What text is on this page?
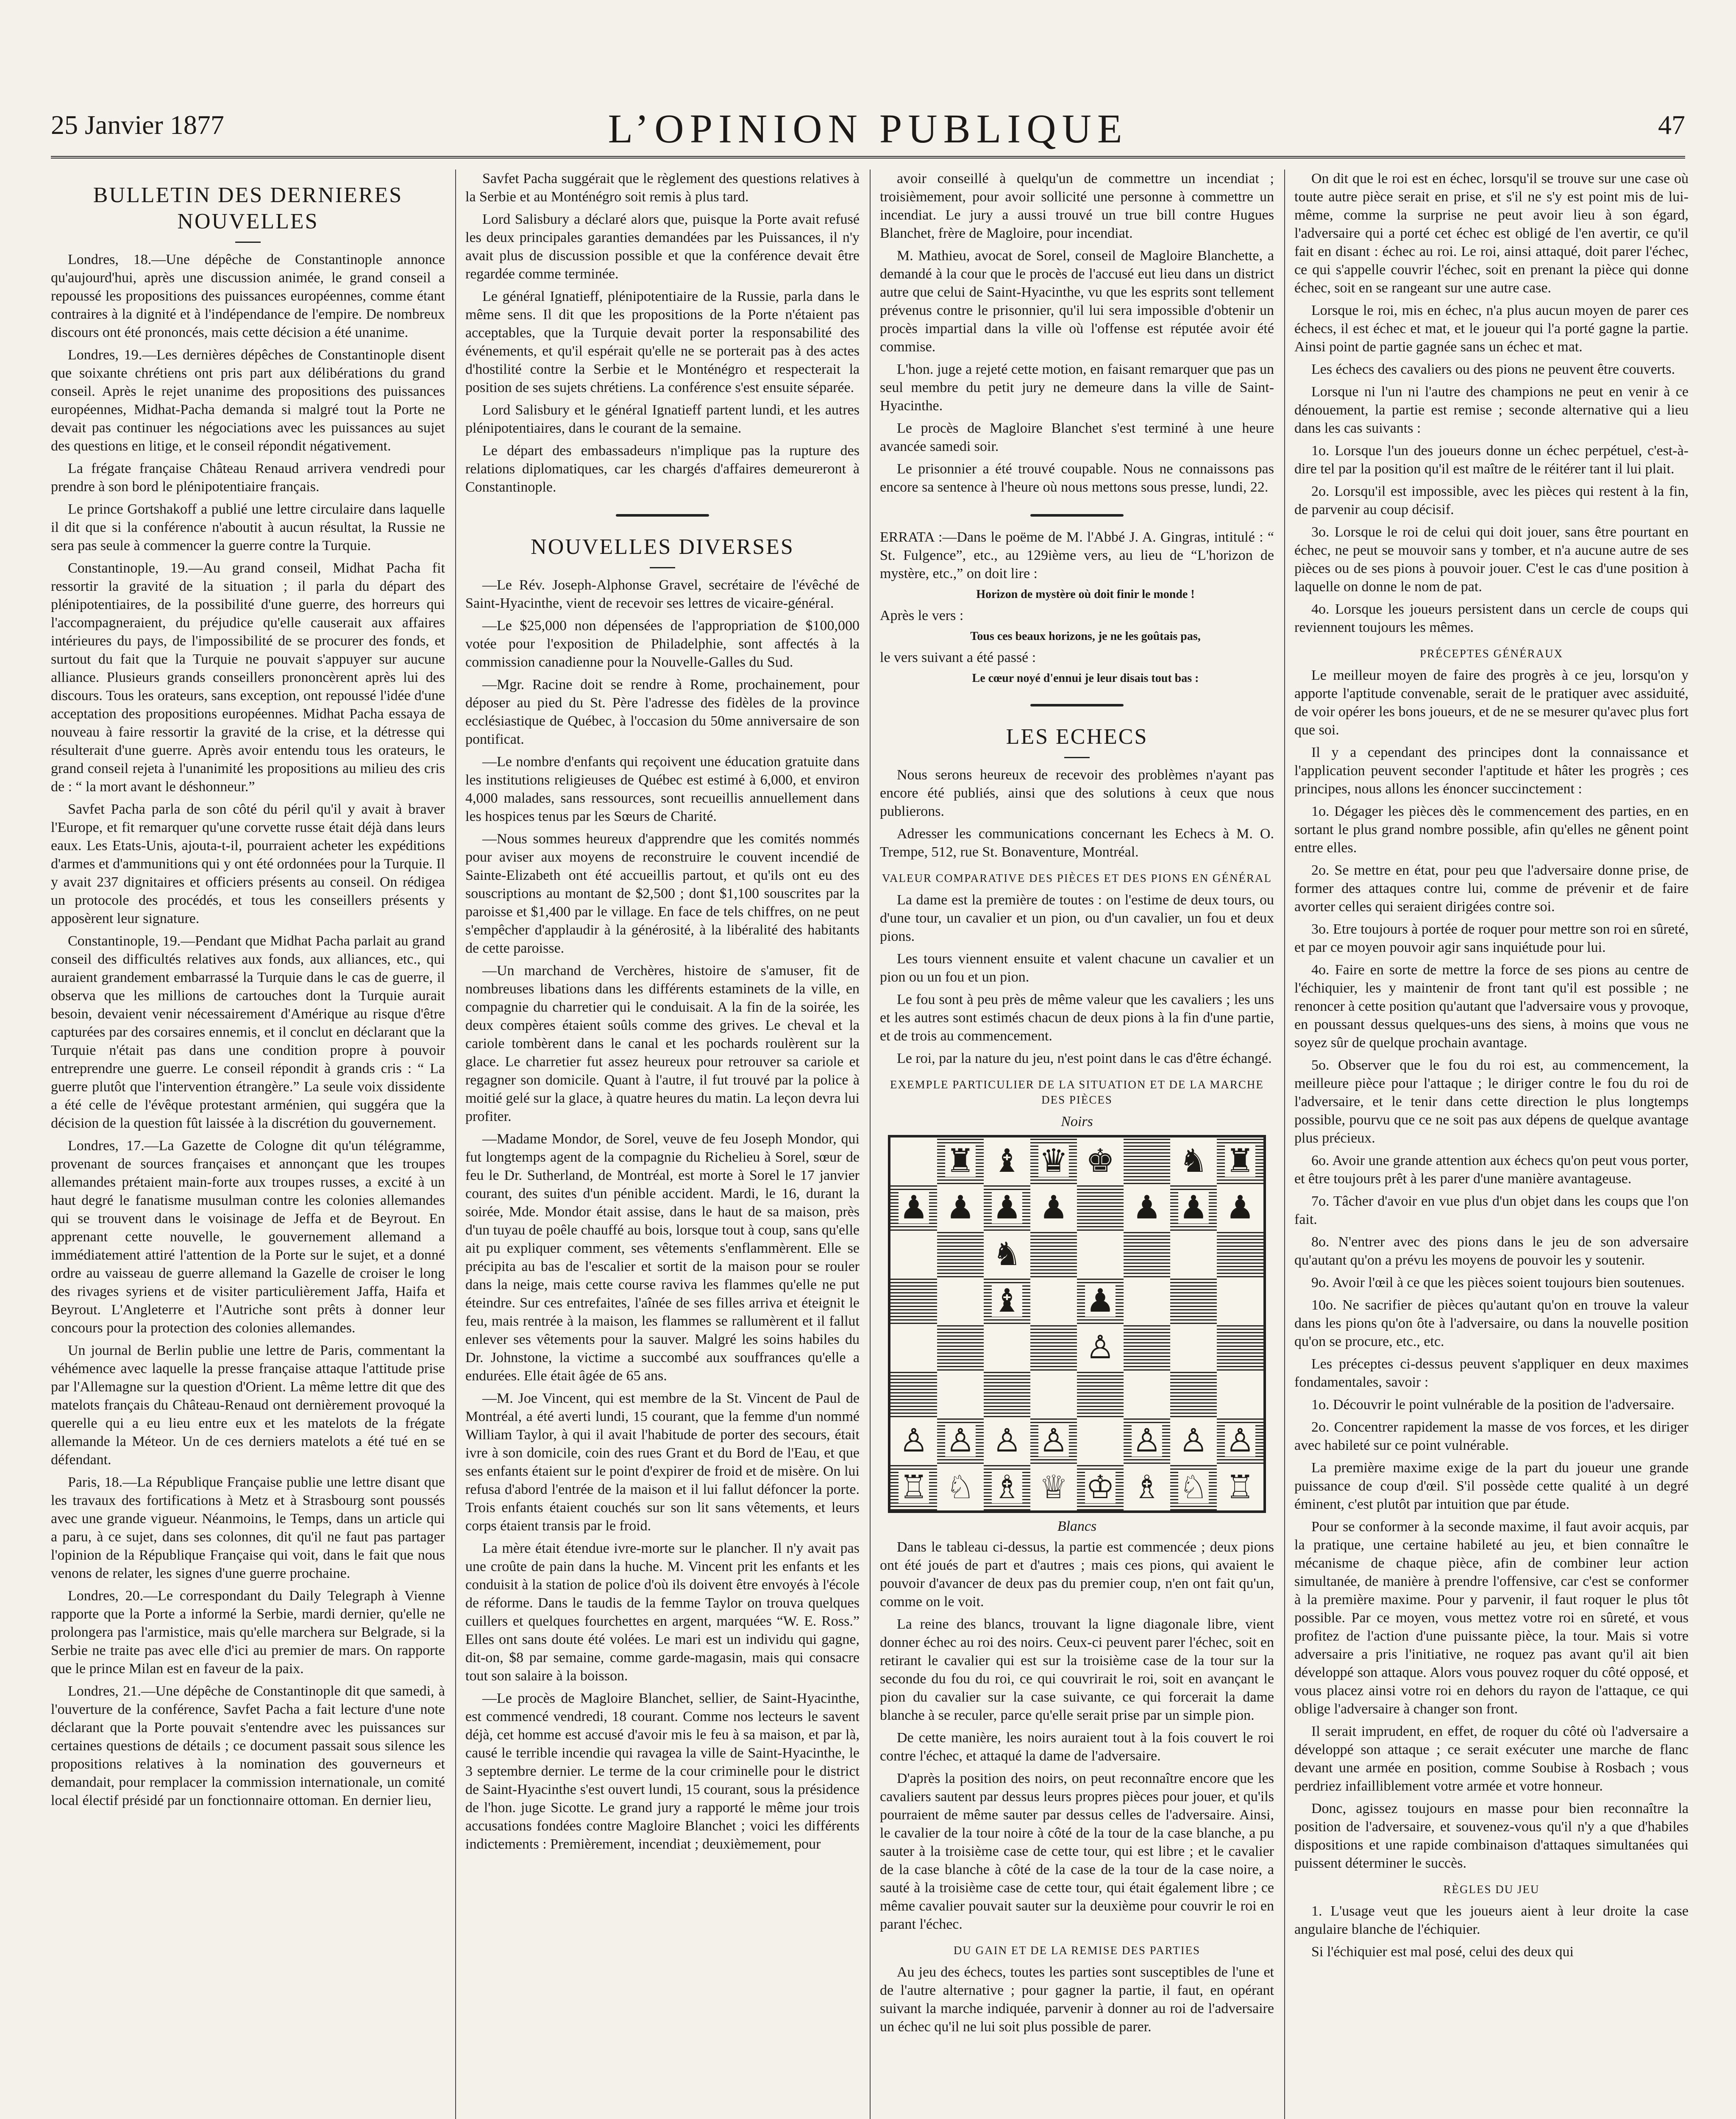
25 Janvier 1877	L’OPINION PUBLIQUE	47
BULLETIN DES DERNIERES NOUVELLES

Londres, 18.—Une dépêche de Constantinople annonce qu'aujourd'hui, après une discussion animée, le grand conseil a repoussé les propositions des puissances européennes, comme étant contraires à la dignité et à l'indépendance de l'empire. De nombreux discours ont été prononcés, mais cette décision a été unanime.

Londres, 19.—Les dernières dépêches de Constantinople disent que soixante chrétiens ont pris part aux délibérations du grand conseil. Après le rejet unanime des propositions des puissances européennes, Midhat-Pacha demanda si malgré tout la Porte ne devait pas continuer les négociations avec les puissances au sujet des questions en litige, et le conseil répondit négativement.

La frégate française Château Renaud arrivera vendredi pour prendre à son bord le plénipotentiaire français.

Le prince Gortshakoff a publié une lettre circulaire dans laquelle il dit que si la conférence n'aboutit à aucun résultat, la Russie ne sera pas seule à commencer la guerre contre la Turquie.

Constantinople, 19.—Au grand conseil, Midhat Pacha fit ressortir la gravité de la situation ; il parla du départ des plénipotentiaires, de la possibilité d'une guerre, des horreurs qui l'accompagneraient, du préjudice qu'elle causerait aux affaires intérieures du pays, de l'impossibilité de se procurer des fonds, et surtout du fait que la Turquie ne pouvait s'appuyer sur aucune alliance. Plusieurs grands conseillers prononcèrent après lui des discours. Tous les orateurs, sans exception, ont repoussé l'idée d'une acceptation des propositions européennes. Midhat Pacha essaya de nouveau à faire ressortir la gravité de la crise, et la détresse qui résulterait d'une guerre. Après avoir entendu tous les orateurs, le grand conseil rejeta à l'unanimité les propositions au milieu des cris de : “ la mort avant le déshonneur.”

Savfet Pacha parla de son côté du péril qu'il y avait à braver l'Europe, et fit remarquer qu'une corvette russe était déjà dans leurs eaux. Les Etats-Unis, ajouta-t-il, pourraient acheter les expéditions d'armes et d'ammunitions qui y ont été ordonnées pour la Turquie. Il y avait 237 dignitaires et officiers présents au conseil. On rédigea un protocole des procédés, et tous les conseillers présents y apposèrent leur signature.

Constantinople, 19.—Pendant que Midhat Pacha parlait au grand conseil des difficultés relatives aux fonds, aux alliances, etc., qui auraient grandement embarrassé la Turquie dans le cas de guerre, il observa que les millions de cartouches dont la Turquie aurait besoin, devaient venir nécessairement d'Amérique au risque d'être capturées par des corsaires ennemis, et il conclut en déclarant que la Turquie n'était pas dans une condition propre à pouvoir entreprendre une guerre. Le conseil répondit à grands cris : “ La guerre plutôt que l'intervention étrangère.” La seule voix dissidente a été celle de l'évêque protestant arménien, qui suggéra que la décision de la question fût laissée à la discrétion du gouvernement.

Londres, 17.—La Gazette de Cologne dit qu'un télégramme, provenant de sources françaises et annonçant que les troupes allemandes prétaient main-forte aux troupes russes, a excité à un haut degré le fanatisme musulman contre les colonies allemandes qui se trouvent dans le voisinage de Jeffa et de Beyrout. En apprenant cette nouvelle, le gouvernement allemand a immédiatement attiré l'attention de la Porte sur le sujet, et a donné ordre au vaisseau de guerre allemand la Gazelle de croiser le long des rivages syriens et de visiter particulièrement Jaffa, Haifa et Beyrout. L'Angleterre et l'Autriche sont prêts à donner leur concours pour la protection des colonies allemandes.

Un journal de Berlin publie une lettre de Paris, commentant la véhémence avec laquelle la presse française attaque l'attitude prise par l'Allemagne sur la question d'Orient. La même lettre dit que des matelots français du Château-Renaud ont dernièrement provoqué la querelle qui a eu lieu entre eux et les matelots de la frégate allemande la Méteor. Un de ces derniers matelots a été tué en se défendant.

Paris, 18.—La République Française publie une lettre disant que les travaux des fortifications à Metz et à Strasbourg sont poussés avec une grande vigueur. Néanmoins, le Temps, dans un article qui a paru, à ce sujet, dans ses colonnes, dit qu'il ne faut pas partager l'opinion de la République Française qui voit, dans le fait que nous venons de relater, les signes d'une guerre prochaine.

Londres, 20.—Le correspondant du Daily Telegraph à Vienne rapporte que la Porte a informé la Serbie, mardi dernier, qu'elle ne prolongera pas l'armistice, mais qu'elle marchera sur Belgrade, si la Serbie ne traite pas avec elle d'ici au premier de mars. On rapporte que le prince Milan est en faveur de la paix.

Londres, 21.—Une dépêche de Constantinople dit que samedi, à l'ouverture de la conférence, Savfet Pacha a fait lecture d'une note déclarant que la Porte pouvait s'entendre avec les puissances sur certaines questions de détails ; ce document passait sous silence les propositions relatives à la nomination des gouverneurs et demandait, pour remplacer la commission internationale, un comité local électif présidé par un fonctionnaire ottoman. En dernier lieu,

Savfet Pacha suggérait que le règlement des questions relatives à la Serbie et au Monténégro soit remis à plus tard.

Lord Salisbury a déclaré alors que, puisque la Porte avait refusé les deux principales garanties demandées par les Puissances, il n'y avait plus de discussion possible et que la conférence devait être regardée comme terminée.

Le général Ignatieff, plénipotentiaire de la Russie, parla dans le même sens. Il dit que les propositions de la Porte n'étaient pas acceptables, que la Turquie devait porter la responsabilité des événements, et qu'il espérait qu'elle ne se porterait pas à des actes d'hostilité contre la Serbie et le Monténégro et respecterait la position de ses sujets chrétiens. La conférence s'est ensuite séparée.

Lord Salisbury et le général Ignatieff partent lundi, et les autres plénipotentiaires, dans le courant de la semaine.

Le départ des embassadeurs n'implique pas la rupture des relations diplomatiques, car les chargés d'affaires demeureront à Constantinople.

NOUVELLES DIVERSES

—Le Rév. Joseph-Alphonse Gravel, secrétaire de l'évêché de Saint-Hyacinthe, vient de recevoir ses lettres de vicaire-général.

—Le $25,000 non dépensées de l'appropriation de $100,000 votée pour l'exposition de Philadelphie, sont affectés à la commission canadienne pour la Nouvelle-Galles du Sud.

—Mgr. Racine doit se rendre à Rome, prochainement, pour déposer au pied du St. Père l'adresse des fidèles de la province ecclésiastique de Québec, à l'occasion du 50me anniversaire de son pontificat.

—Le nombre d'enfants qui reçoivent une éducation gratuite dans les institutions religieuses de Québec est estimé à 6,000, et environ 4,000 malades, sans ressources, sont recueillis annuellement dans les hospices tenus par les Sœurs de Charité.

—Nous sommes heureux d'apprendre que les comités nommés pour aviser aux moyens de reconstruire le couvent incendié de Sainte-Elizabeth ont été accueillis partout, et qu'ils ont eu des souscriptions au montant de $2,500 ; dont $1,100 souscrites par la paroisse et $1,400 par le village. En face de tels chiffres, on ne peut s'empêcher d'applaudir à la générosité, à la libéralité des habitants de cette paroisse.

—Un marchand de Verchères, histoire de s'amuser, fit de nombreuses libations dans les différents estaminets de la ville, en compagnie du charretier qui le conduisait. A la fin de la soirée, les deux compères étaient soûls comme des grives. Le cheval et la cariole tombèrent dans le canal et les pochards roulèrent sur la glace. Le charretier fut assez heureux pour retrouver sa cariole et regagner son domicile. Quant à l'autre, il fut trouvé par la police à moitié gelé sur la glace, à quatre heures du matin. La leçon devra lui profiter.

—Madame Mondor, de Sorel, veuve de feu Joseph Mondor, qui fut longtemps agent de la compagnie du Richelieu à Sorel, sœur de feu le Dr. Sutherland, de Montréal, est morte à Sorel le 17 janvier courant, des suites d'un pénible accident. Mardi, le 16, durant la soirée, Mde. Mondor était assise, dans le haut de sa maison, près d'un tuyau de poêle chauffé au bois, lorsque tout à coup, sans qu'elle ait pu expliquer comment, ses vêtements s'enflammèrent. Elle se précipita au bas de l'escalier et sortit de la maison pour se rouler dans la neige, mais cette course raviva les flammes qu'elle ne put éteindre. Sur ces entrefaites, l'aînée de ses filles arriva et éteignit le feu, mais rentrée à la maison, les flammes se rallumèrent et il fallut enlever ses vêtements pour la sauver. Malgré les soins habiles du Dr. Johnstone, la victime a succombé aux souffrances qu'elle a endurées. Elle était âgée de 65 ans.

—M. Joe Vincent, qui est membre de la St. Vincent de Paul de Montréal, a été averti lundi, 15 courant, que la femme d'un nommé William Taylor, à qui il avait l'habitude de porter des secours, était ivre à son domicile, coin des rues Grant et du Bord de l'Eau, et que ses enfants étaient sur le point d'expirer de froid et de misère. On lui refusa d'abord l'entrée de la maison et il lui fallut défoncer la porte. Trois enfants étaient couchés sur son lit sans vêtements, et leurs corps étaient transis par le froid.

La mère était étendue ivre-morte sur le plancher. Il n'y avait pas une croûte de pain dans la huche. M. Vincent prit les enfants et les conduisit à la station de police d'où ils doivent être envoyés à l'école de réforme. Dans le taudis de la femme Taylor on trouva quelques cuillers et quelques fourchettes en argent, marquées “W. E. Ross.” Elles ont sans doute été volées. Le mari est un individu qui gagne, dit-on, $8 par semaine, comme garde-magasin, mais qui consacre tout son salaire à la boisson.

—Le procès de Magloire Blanchet, sellier, de Saint-Hyacinthe, est commencé vendredi, 18 courant. Comme nos lecteurs le savent déjà, cet homme est accusé d'avoir mis le feu à sa maison, et par là, causé le terrible incendie qui ravagea la ville de Saint-Hyacinthe, le 3 septembre dernier. Le terme de la cour criminelle pour le district de Saint-Hyacinthe s'est ouvert lundi, 15 courant, sous la présidence de l'hon. juge Sicotte. Le grand jury a rapporté le même jour trois accusations fondées contre Magloire Blanchet ; voici les différents indictements : Premièrement, incendiat ; deuxièmement, pour

avoir conseillé à quelqu'un de commettre un incendiat ; troisièmement, pour avoir sollicité une personne à commettre un incendiat. Le jury a aussi trouvé un true bill contre Hugues Blanchet, frère de Magloire, pour incendiat.

M. Mathieu, avocat de Sorel, conseil de Magloire Blanchette, a demandé à la cour que le procès de l'accusé eut lieu dans un district autre que celui de Saint-Hyacinthe, vu que les esprits sont tellement prévenus contre le prisonnier, qu'il lui sera impossible d'obtenir un procès impartial dans la ville où l'offense est réputée avoir été commise.

L'hon. juge a rejeté cette motion, en faisant remarquer que pas un seul membre du petit jury ne demeure dans la ville de Saint-Hyacinthe.

Le procès de Magloire Blanchet s'est terminé à une heure avancée samedi soir.

Le prisonnier a été trouvé coupable. Nous ne connaissons pas encore sa sentence à l'heure où nous mettons sous presse, lundi, 22.

ERRATA :—Dans le poëme de M. l'Abbé J. A. Gingras, intitulé : “ St. Fulgence”, etc., au 129ième vers, au lieu de “L'horizon de mystère, etc.,” on doit lire :

Horizon de mystère où doit finir le monde !

Après le vers :

Tous ces beaux horizons, je ne les goûtais pas,

le vers suivant a été passé :

Le cœur noyé d'ennui je leur disais tout bas :

LES ECHECS

Nous serons heureux de recevoir des problèmes n'ayant pas encore été publiés, ainsi que des solutions à ceux que nous publierons.

Adresser les communications concernant les Echecs à M. O. Trempe, 512, rue St. Bonaventure, Montréal.

VALEUR COMPARATIVE DES PIÈCES ET DES PIONS EN GÉNÉRAL

La dame est la première de toutes : on l'estime de deux tours, ou d'une tour, un cavalier et un pion, ou d'un cavalier, un fou et deux pions.

Les tours viennent ensuite et valent chacune un cavalier et un pion ou un fou et un pion.

Le fou sont à peu près de même valeur que les cavaliers ; les uns et les autres sont estimés chacun de deux pions à la fin d'une partie, et de trois au commencement.

Le roi, par la nature du jeu, n'est point dans le cas d'être échangé.

EXEMPLE PARTICULIER DE LA SITUATION ET DE LA MARCHE DES PIÈCES
Noirs
♜ ♝ ♛ ♚ ♞ ♜
♟ ♟ ♟ ♟ ♟ ♟ ♟
♞
♝ ♟
♙
♙ ♙ ♙ ♙ ♙ ♙ ♙
♖ ♘ ♗ ♕ ♔ ♗ ♘ ♖
Blancs

Dans le tableau ci-dessus, la partie est commencée ; deux pions ont été joués de part et d'autres ; mais ces pions, qui avaient le pouvoir d'avancer de deux pas du premier coup, n'en ont fait qu'un, comme on le voit.

La reine des blancs, trouvant la ligne diagonale libre, vient donner échec au roi des noirs. Ceux-ci peuvent parer l'échec, soit en retirant le cavalier qui est sur la troisième case de la tour sur la seconde du fou du roi, ce qui couvrirait le roi, soit en avançant le pion du cavalier sur la case suivante, ce qui forcerait la dame blanche à se reculer, parce qu'elle serait prise par un simple pion.

De cette manière, les noirs auraient tout à la fois couvert le roi contre l'échec, et attaqué la dame de l'adversaire.

D'après la position des noirs, on peut reconnaître encore que les cavaliers sautent par dessus leurs propres pièces pour jouer, et qu'ils pourraient de même sauter par dessus celles de l'adversaire. Ainsi, le cavalier de la tour noire à côté de la tour de la case blanche, a pu sauter à la troisième case de cette tour, qui est libre ; et le cavalier de la case blanche à côté de la case de la tour de la case noire, a sauté à la troisième case de cette tour, qui était également libre ; ce même cavalier pouvait sauter sur la deuxième pour couvrir le roi en parant l'échec.

DU GAIN ET DE LA REMISE DES PARTIES

Au jeu des échecs, toutes les parties sont susceptibles de l'une et de l'autre alternative ; pour gagner la partie, il faut, en opérant suivant la marche indiquée, parvenir à donner au roi de l'adversaire un échec qu'il ne lui soit plus possible de parer.

On dit que le roi est en échec, lorsqu'il se trouve sur une case où toute autre pièce serait en prise, et s'il ne s'y est point mis de lui-même, comme la surprise ne peut avoir lieu à son égard, l'adversaire qui a porté cet échec est obligé de l'en avertir, ce qu'il fait en disant : échec au roi. Le roi, ainsi attaqué, doit parer l'échec, ce qui s'appelle couvrir l'échec, soit en prenant la pièce qui donne échec, soit en se rangeant sur une autre case.

Lorsque le roi, mis en échec, n'a plus aucun moyen de parer ces échecs, il est échec et mat, et le joueur qui l'a porté gagne la partie. Ainsi point de partie gagnée sans un échec et mat.

Les échecs des cavaliers ou des pions ne peuvent être couverts.

Lorsque ni l'un ni l'autre des champions ne peut en venir à ce dénouement, la partie est remise ; seconde alternative qui a lieu dans les cas suivants :

1o. Lorsque l'un des joueurs donne un échec perpétuel, c'est-à-dire tel par la position qu'il est maître de le réitérer tant il lui plait.

2o. Lorsqu'il est impossible, avec les pièces qui restent à la fin, de parvenir au coup décisif.

3o. Lorsque le roi de celui qui doit jouer, sans être pourtant en échec, ne peut se mouvoir sans y tomber, et n'a aucune autre de ses pièces ou de ses pions à pouvoir jouer. C'est le cas d'une position à laquelle on donne le nom de pat.

4o. Lorsque les joueurs persistent dans un cercle de coups qui reviennent toujours les mêmes.

PRÉCEPTES GÉNÉRAUX

Le meilleur moyen de faire des progrès à ce jeu, lorsqu'on y apporte l'aptitude convenable, serait de le pratiquer avec assiduité, de voir opérer les bons joueurs, et de ne se mesurer qu'avec plus fort que soi.

Il y a cependant des principes dont la connaissance et l'application peuvent seconder l'aptitude et hâter les progrès ; ces principes, nous allons les énoncer succinctement :

1o. Dégager les pièces dès le commencement des parties, en en sortant le plus grand nombre possible, afin qu'elles ne gênent point entre elles.

2o. Se mettre en état, pour peu que l'adversaire donne prise, de former des attaques contre lui, comme de prévenir et de faire avorter celles qui seraient dirigées contre soi.

3o. Etre toujours à portée de roquer pour mettre son roi en sûreté, et par ce moyen pouvoir agir sans inquiétude pour lui.

4o. Faire en sorte de mettre la force de ses pions au centre de l'échiquier, les y maintenir de front tant qu'il est possible ; ne renoncer à cette position qu'autant que l'adversaire vous y provoque, en poussant dessus quelques-uns des siens, à moins que vous ne soyez sûr de quelque prochain avantage.

5o. Observer que le fou du roi est, au commencement, la meilleure pièce pour l'attaque ; le diriger contre le fou du roi de l'adversaire, et le tenir dans cette direction le plus longtemps possible, pourvu que ce ne soit pas aux dépens de quelque avantage plus précieux.

6o. Avoir une grande attention aux échecs qu'on peut vous porter, et être toujours prêt à les parer d'une manière avantageuse.

7o. Tâcher d'avoir en vue plus d'un objet dans les coups que l'on fait.

8o. N'entrer avec des pions dans le jeu de son adversaire qu'autant qu'on a prévu les moyens de pouvoir les y soutenir.

9o. Avoir l'œil à ce que les pièces soient toujours bien soutenues.

10o. Ne sacrifier de pièces qu'autant qu'on en trouve la valeur dans les pions qu'on ôte à l'adversaire, ou dans la nouvelle position qu'on se procure, etc., etc.

Les préceptes ci-dessus peuvent s'appliquer en deux maximes fondamentales, savoir :

1o. Découvrir le point vulnérable de la position de l'adversaire.

2o. Concentrer rapidement la masse de vos forces, et les diriger avec habileté sur ce point vulnérable.

La première maxime exige de la part du joueur une grande puissance de coup d'œil. S'il possède cette qualité à un degré éminent, c'est plutôt par intuition que par étude.

Pour se conformer à la seconde maxime, il faut avoir acquis, par la pratique, une certaine habileté au jeu, et bien connaître le mécanisme de chaque pièce, afin de combiner leur action simultanée, de manière à prendre l'offensive, car c'est se conformer à la première maxime. Pour y parvenir, il faut roquer le plus tôt possible. Par ce moyen, vous mettez votre roi en sûreté, et vous profitez de l'action d'une puissante pièce, la tour. Mais si votre adversaire a pris l'initiative, ne roquez pas avant qu'il ait bien développé son attaque. Alors vous pouvez roquer du côté opposé, et vous placez ainsi votre roi en dehors du rayon de l'attaque, ce qui oblige l'adversaire à changer son front.

Il serait imprudent, en effet, de roquer du côté où l'adversaire a développé son attaque ; ce serait exécuter une marche de flanc devant une armée en position, comme Soubise à Rosbach ; vous perdriez infailliblement votre armée et votre honneur.

Donc, agissez toujours en masse pour bien reconnaître la position de l'adversaire, et souvenez-vous qu'il n'y a que d'habiles dispositions et une rapide combinaison d'attaques simultanées qui puissent déterminer le succès.

RÈGLES DU JEU

1. L'usage veut que les joueurs aient à leur droite la case angulaire blanche de l'échiquier.

Si l'échiquier est mal posé, celui des deux qui
